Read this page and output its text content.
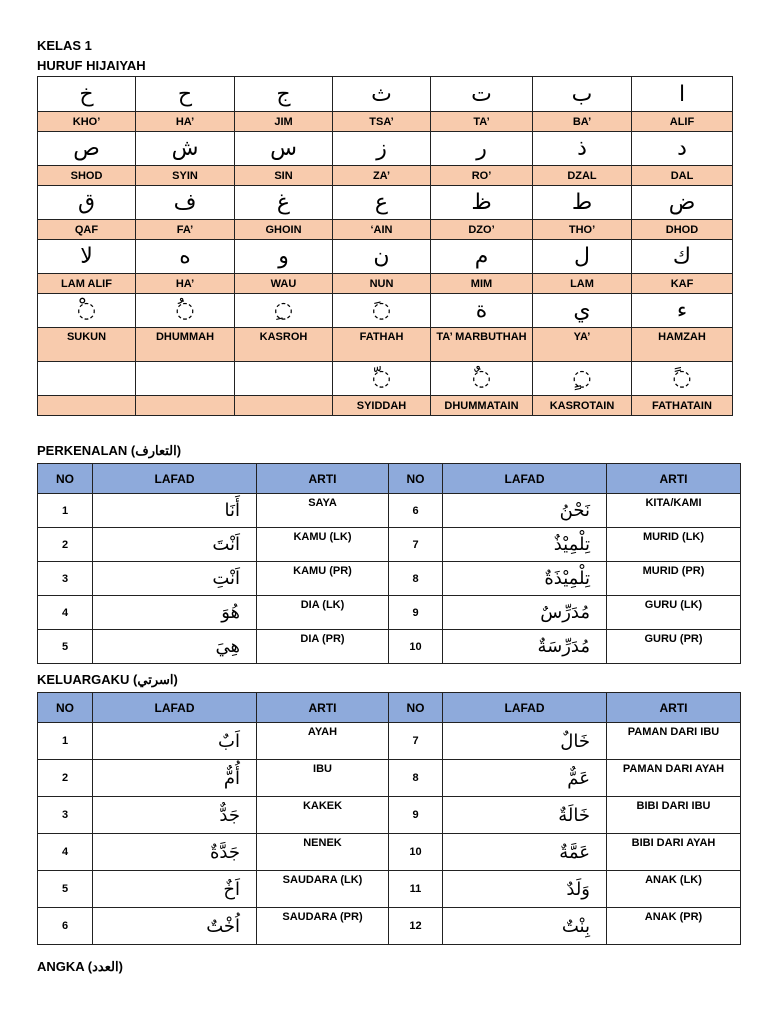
KELAS 1
HURUF HIJAIYAH
خ	ح	ج	ث	ت	ب	ا
KHO’	HA’	JIM	TSA’	TA’	BA’	ALIF
ص	ش	س	ز	ر	ذ	د
SHOD	SYIN	SIN	ZA’	RO’	DZAL	DAL
ق	ف	غ	ع	ظ	ط	ض
QAF	FA’	GHOIN	‘AIN	DZO’	THO’	DHOD
لا	ه	و	ن	م	ل	ك
LAM ALIF	HA’	WAU	NUN	MIM	LAM	KAF
◌ْ	◌ُ	◌ِ	◌َ	ة	ي	ء
SUKUN	DHUMMAH	KASROH	FATHAH	TA’ MARBUTHAH	YA’	HAMZAH
			◌ّ	◌ٌ	◌ٍ	◌ً
			SYIDDAH	DHUMMATAIN	KASROTAIN	FATHATAIN
PERKENALAN (التعارف)
NO	LAFAD	ARTI	NO	LAFAD	ARTI
1	أَنَا	SAYA	6	نَحْنُ	KITA/KAMI
2	اَنْتَ	KAMU (LK)	7	تِلْمِيْذٌ	MURID (LK)
3	اَنْتِ	KAMU (PR)	8	تِلْمِيْذَةٌ	MURID (PR)
4	هُوَ	DIA (LK)	9	مُدَرِّسٌ	GURU (LK)
5	هِيَ	DIA (PR)	10	مُدَرِّسَةٌ	GURU (PR)
KELUARGAKU (اسرتي)
NO	LAFAD	ARTI	NO	LAFAD	ARTI
1	اَبٌ	AYAH	7	خَالٌ	PAMAN DARI IBU
2	أُمٌّ	IBU	8	عَمٌّ	PAMAN DARI AYAH
3	جَدٌّ	KAKEK	9	خَالَةٌ	BIBI DARI IBU
4	جَدَّةٌ	NENEK	10	عَمَّةٌ	BIBI DARI AYAH
5	اَخٌ	SAUDARA (LK)	11	وَلَدٌ	ANAK (LK)
6	اُخْتٌ	SAUDARA (PR)	12	بِنْتٌ	ANAK (PR)
ANGKA (العدد)
